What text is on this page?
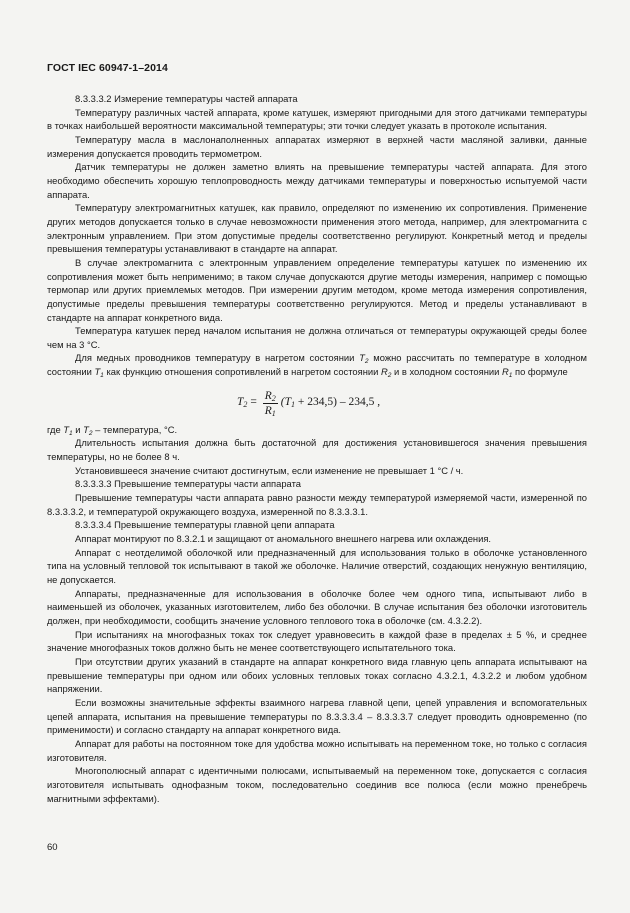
ГОСТ IEC 60947-1–2014

8.3.3.3.2 Измерение температуры частей аппарата

Температуру различных частей аппарата, кроме катушек, измеряют пригодными для этого датчиками температуры в точках наибольшей вероятности максимальной температуры; эти точки следует указать в протоколе испытания.

Температуру масла в маслонаполненных аппаратах измеряют в верхней части масляной заливки, данные измерения допускается проводить термометром.

Датчик температуры не должен заметно влиять на превышение температуры частей аппарата. Для этого необходимо обеспечить хорошую теплопроводность между датчиками температуры и поверхностью испытуемой части аппарата.

Температуру электромагнитных катушек, как правило, определяют по изменению их сопротивления. Применение других методов допускается только в случае невозможности применения этого метода, например, для электромагнита с электронным управлением. При этом допустимые пределы соответственно регулируют. Конкретный метод и пределы превышения температуры устанавливают в стандарте на аппарат.

В случае электромагнита с электронным управлением определение температуры катушек по изменению их сопротивления может быть неприменимо; в таком случае допускаются другие методы измерения, например с помощью термопар или других приемлемых методов. При измерении другим методом, кроме метода измерения сопротивления, допустимые пределы превышения температуры соответственно регулируются. Метод и пределы устанавливают в стандарте на аппарат конкретного вида.

Температура катушек перед началом испытания не должна отличаться от температуры окружающей среды более чем на 3 °С.

Для медных проводников температуру в нагретом состоянии $T_2$ можно рассчитать по температуре в холодном состоянии $T_1$ как функцию отношения сопротивлений в нагретом состоянии $R_2$ и в холодном состоянии $R_1$ по формуле

$T_2 = \frac{R_2}{R_1} (T_1 + 234,5) - 234,5$ ,

где $T_1$ и $T_2$ – температура, °С.

Длительность испытания должна быть достаточной для достижения установившегося значения превышения температуры, но не более 8 ч.

Установившееся значение считают достигнутым, если изменение не превышает 1 °С / ч.

8.3.3.3.3 Превышение температуры части аппарата

Превышение температуры части аппарата равно разности между температурой измеряемой части, измеренной по 8.3.3.3.2, и температурой окружающего воздуха, измеренной по 8.3.3.3.1.

8.3.3.3.4 Превышение температуры главной цепи аппарата

Аппарат монтируют по 8.3.2.1 и защищают от аномального внешнего нагрева или охлаждения.

Аппарат с неотделимой оболочкой или предназначенный для использования только в оболочке установленного типа на условный тепловой ток испытывают в такой же оболочке. Наличие отверстий, создающих ненужную вентиляцию, не допускается.

Аппараты, предназначенные для использования в оболочке более чем одного типа, испытывают либо в наименьшей из оболочек, указанных изготовителем, либо без оболочки. В случае испытания без оболочки изготовитель должен, при необходимости, сообщить значение условного теплового тока в оболочке (см. 4.3.2.2).

При испытаниях на многофазных токах ток следует уравновесить в каждой фазе в пределах ± 5 %, и среднее значение многофазных токов должно быть не менее соответствующего испытательного тока.

При отсутствии других указаний в стандарте на аппарат конкретного вида главную цепь аппарата испытывают на превышение температуры при одном или обоих условных тепловых токах согласно 4.3.2.1, 4.3.2.2 и любом удобном напряжении.

Если возможны значительные эффекты взаимного нагрева главной цепи, цепей управления и вспомогательных цепей аппарата, испытания на превышение температуры по 8.3.3.3.4 – 8.3.3.3.7 следует проводить одновременно (по применимости) и согласно стандарту на аппарат конкретного вида.

Аппарат для работы на постоянном токе для удобства можно испытывать на переменном токе, но только с согласия изготовителя.

Многополюсный аппарат с идентичными полюсами, испытываемый на переменном токе, допускается с согласия изготовителя испытывать однофазным током, последовательно соединив все полюса (если можно пренебречь магнитными эффектами).

60
